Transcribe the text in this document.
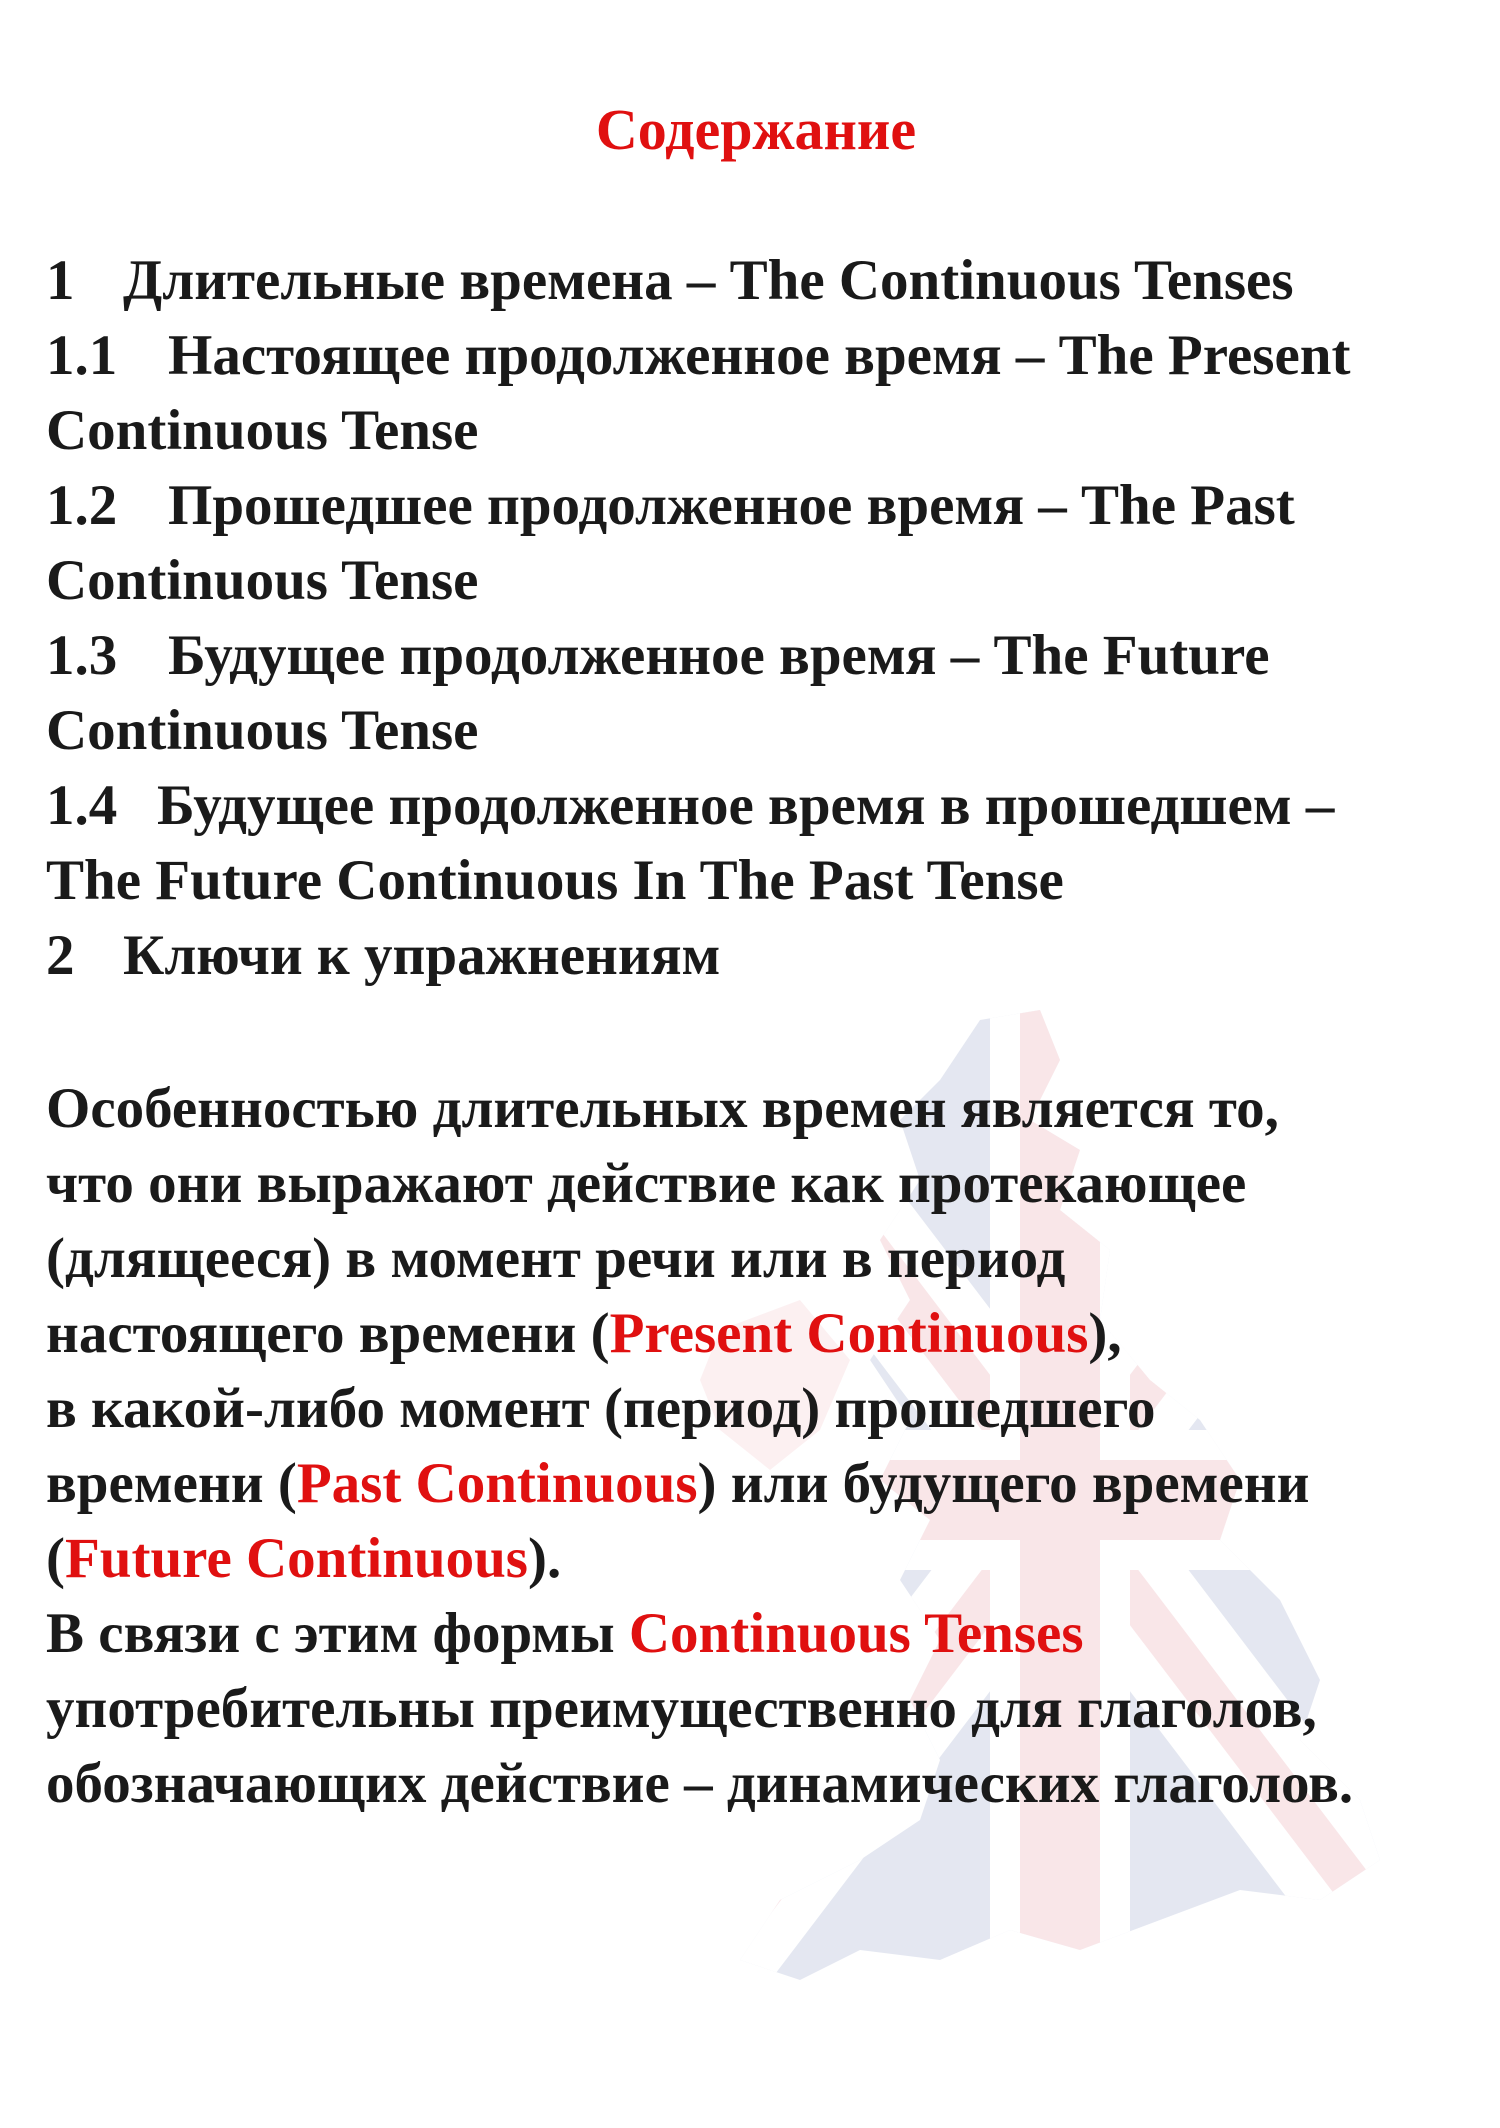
Содержание
1 Длительные времена – The Continuous Tenses
1.1 Настоящее продолженное время – The Present
Continuous Tense
1.2 Прошедшее продолженное время – The Past
Continuous Tense
1.3 Будущее продолженное время – The Future
Continuous Tense
1.4 Будущее продолженное время в прошедшем –
The Future Continuous In The Past Tense
2 Ключи к упражнениям
Особенностью длительных времен является то,
что они выражают действие как протекающее
(длящееся) в момент речи или в период
настоящего времени (Present Continuous),
в какой-либо момент (период) прошедшего
времени (Past Continuous) или будущего времени
(Future Continuous).
В связи с этим формы Continuous Tenses
употребительны преимущественно для глаголов,
обозначающих действие – динамических глаголов.
